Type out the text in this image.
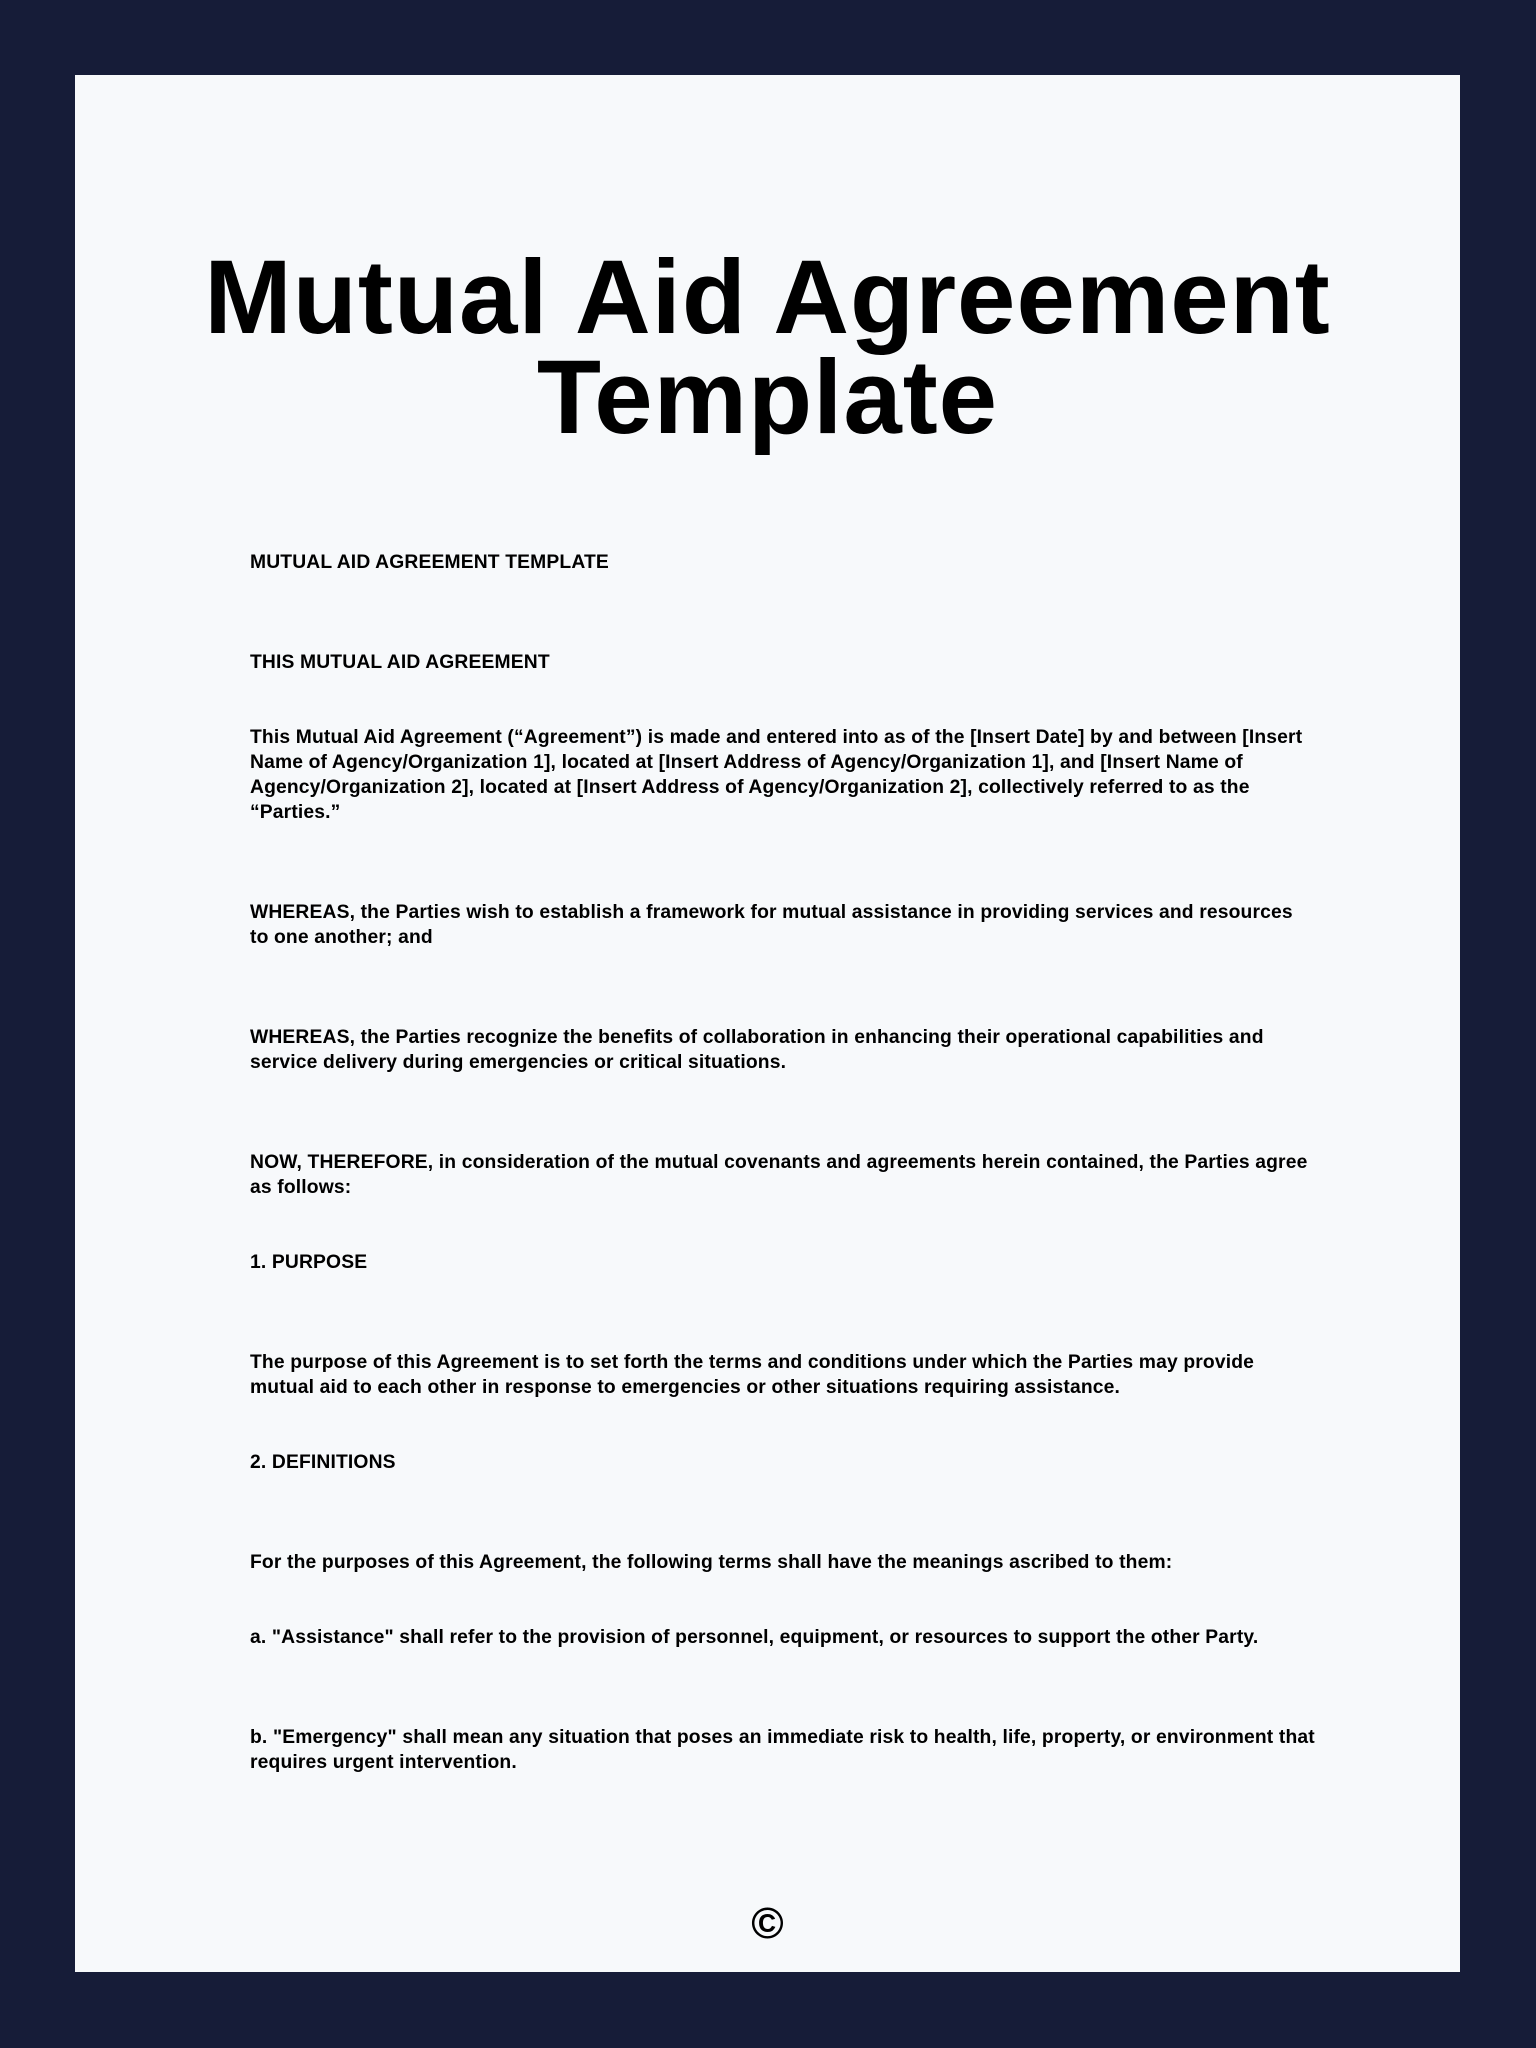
Mutual Aid Agreement
Template

MUTUAL AID AGREEMENT TEMPLATE

THIS MUTUAL AID AGREEMENT

This Mutual Aid Agreement (“Agreement”) is made and entered into as of the [Insert Date] by and between [Insert Name of Agency/Organization 1], located at [Insert Address of Agency/Organization 1], and [Insert Name of Agency/Organization 2], located at [Insert Address of Agency/Organization 2], collectively referred to as the “Parties.”

WHEREAS, the Parties wish to establish a framework for mutual assistance in providing services and resources to one another; and

WHEREAS, the Parties recognize the benefits of collaboration in enhancing their operational capabilities and service delivery during emergencies or critical situations.

NOW, THEREFORE, in consideration of the mutual covenants and agreements herein contained, the Parties agree as follows:

1. PURPOSE

The purpose of this Agreement is to set forth the terms and conditions under which the Parties may provide mutual aid to each other in response to emergencies or other situations requiring assistance.

2. DEFINITIONS

For the purposes of this Agreement, the following terms shall have the meanings ascribed to them:

a. "Assistance" shall refer to the provision of personnel, equipment, or resources to support the other Party.

b. "Emergency" shall mean any situation that poses an immediate risk to health, life, property, or environment that requires urgent intervention.

©
